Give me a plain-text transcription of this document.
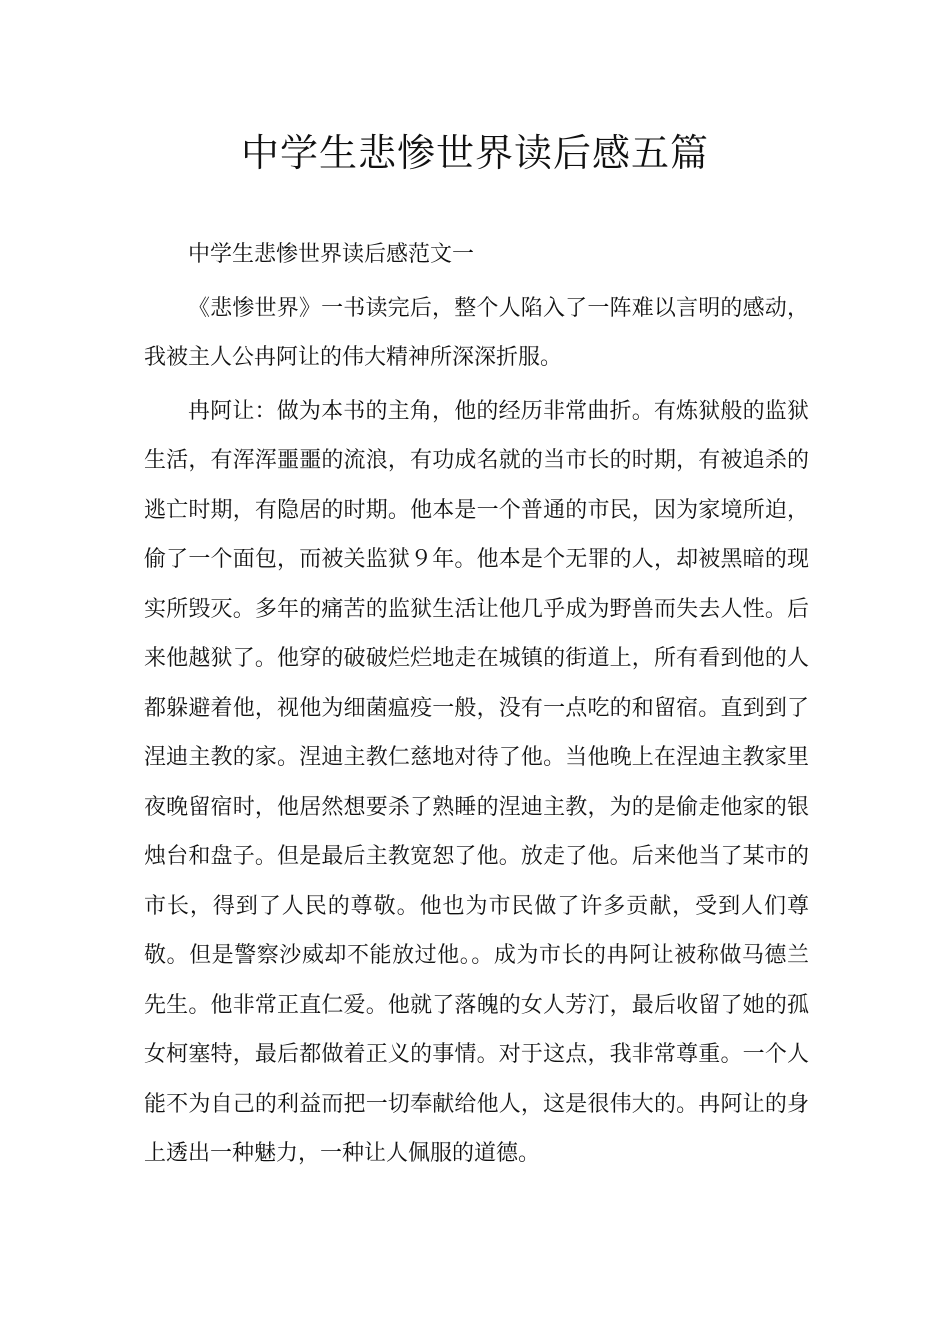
中学生悲惨世界读后感五篇

中学生悲惨世界读后感范文一

《悲惨世界》一书读完后，整个人陷入了一阵难以言明的感动，我被主人公冉阿让的伟大精神所深深折服。

冉阿让：做为本书的主角，他的经历非常曲折。有炼狱般的监狱生活，有浑浑噩噩的流浪，有功成名就的当市长的时期，有被追杀的逃亡时期，有隐居的时期。他本是一个普通的市民，因为家境所迫，偷了一个面包，而被关监狱９年。他本是个无罪的人，却被黑暗的现实所毁灭。多年的痛苦的监狱生活让他几乎成为野兽而失去人性。后来他越狱了。他穿的破破烂烂地走在城镇的街道上，所有看到他的人都躲避着他，视他为细菌瘟疫一般，没有一点吃的和留宿。直到到了涅迪主教的家。涅迪主教仁慈地对待了他。当他晚上在涅迪主教家里夜晚留宿时，他居然想要杀了熟睡的涅迪主教，为的是偷走他家的银烛台和盘子。但是最后主教宽恕了他。放走了他。后来他当了某市的市长，得到了人民的尊敬。他也为市民做了许多贡献，受到人们尊敬。但是警察沙威却不能放过他。。成为市长的冉阿让被称做马德兰先生。他非常正直仁爱。他就了落魄的女人芳汀，最后收留了她的孤女柯塞特，最后都做着正义的事情。对于这点，我非常尊重。一个人能不为自己的利益而把一切奉献给他人，这是很伟大的。冉阿让的身上透出一种魅力，一种让人佩服的道德。
